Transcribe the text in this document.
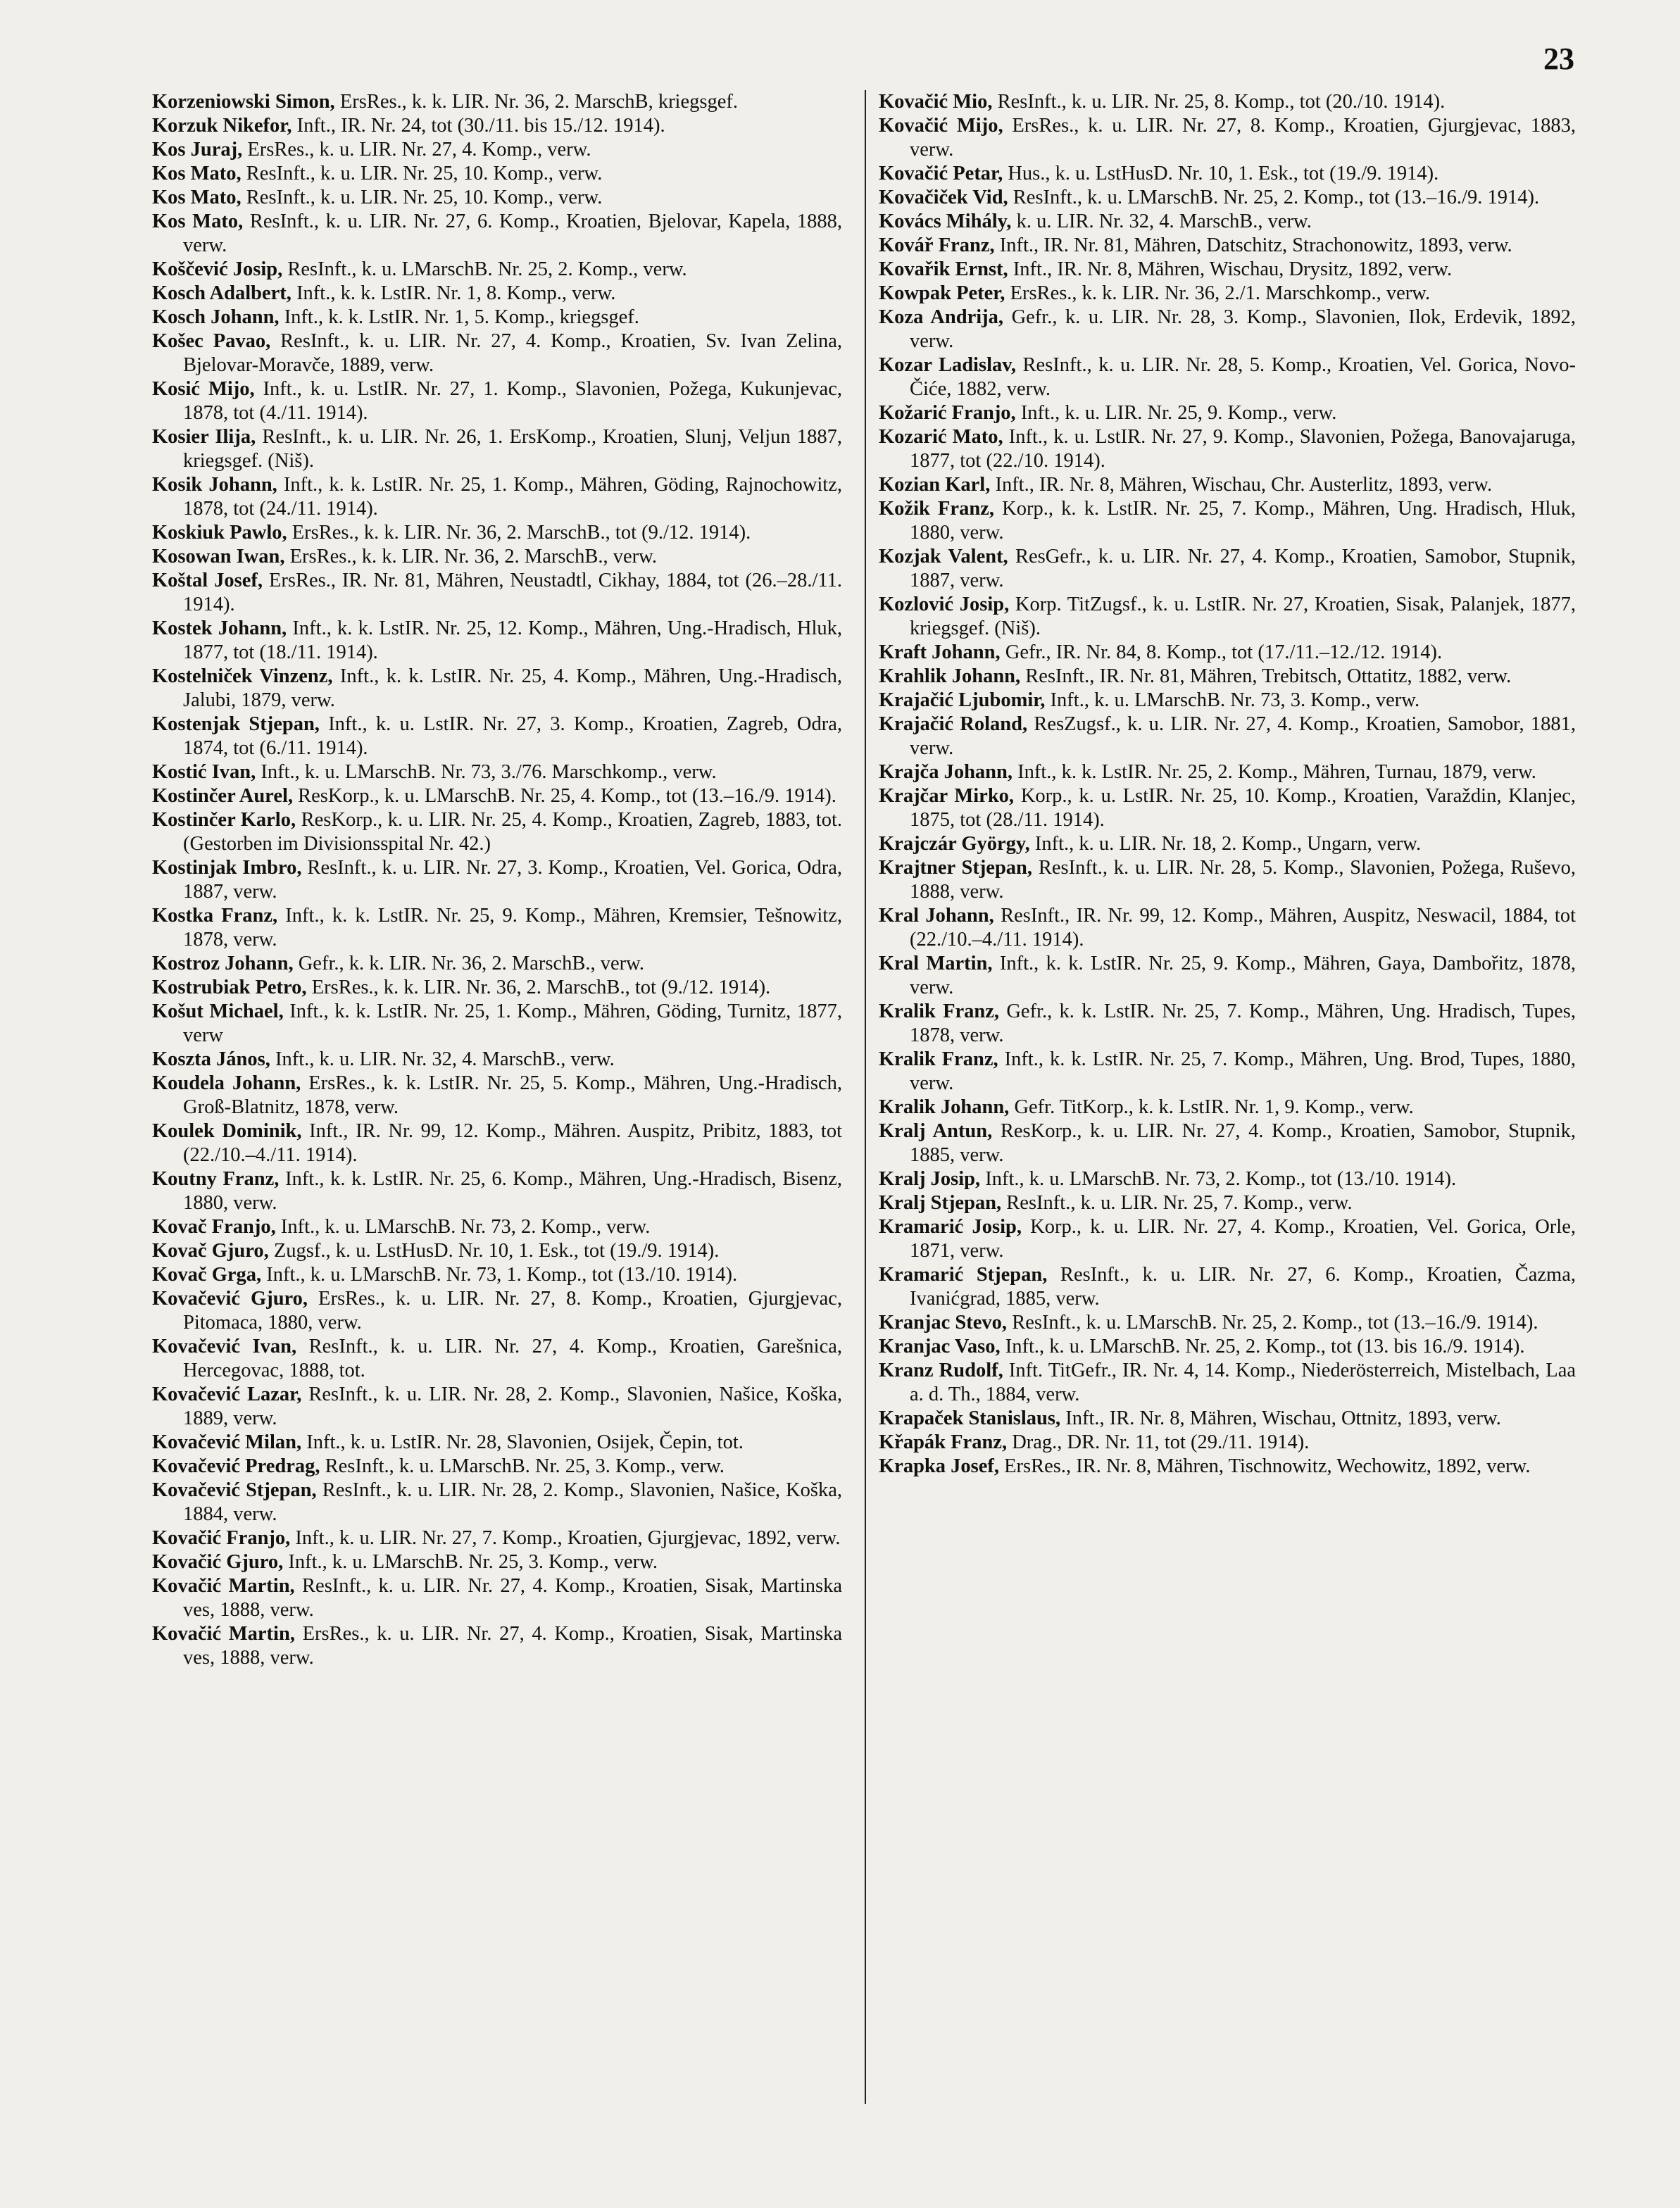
23

Korzeniowski Simon, ErsRes., k. k. LIR. Nr. 36, 2. MarschB, kriegsgef.

Korzuk Nikefor, Inft., IR. Nr. 24, tot (30./11. bis 15./12. 1914).

Kos Juraj, ErsRes., k. u. LIR. Nr. 27, 4. Komp., verw.

Kos Mato, ResInft., k. u. LIR. Nr. 25, 10. Komp., verw.

Kos Mato, ResInft., k. u. LIR. Nr. 25, 10. Komp., verw.

Kos Mato, ResInft., k. u. LIR. Nr. 27, 6. Komp., Kroatien, Bjelovar, Kapela, 1888, verw.

Koščević Josip, ResInft., k. u. LMarschB. Nr. 25, 2. Komp., verw.

Kosch Adalbert, Inft., k. k. LstIR. Nr. 1, 8. Komp., verw.

Kosch Johann, Inft., k. k. LstIR. Nr. 1, 5. Komp., kriegsgef.

Košec Pavao, ResInft., k. u. LIR. Nr. 27, 4. Komp., Kroatien, Sv. Ivan Zelina, Bjelovar-Moravče, 1889, verw.

Kosić Mijo, Inft., k. u. LstIR. Nr. 27, 1. Komp., Slavonien, Požega, Kukunjevac, 1878, tot (4./11. 1914).

Kosier Ilija, ResInft., k. u. LIR. Nr. 26, 1. ErsKomp., Kroatien, Slunj, Veljun 1887, kriegsgef. (Niš).

Kosik Johann, Inft., k. k. LstIR. Nr. 25, 1. Komp., Mähren, Göding, Rajnochowitz, 1878, tot (24./11. 1914).

Koskiuk Pawlo, ErsRes., k. k. LIR. Nr. 36, 2. MarschB., tot (9./12. 1914).

Kosowan Iwan, ErsRes., k. k. LIR. Nr. 36, 2. MarschB., verw.

Koštal Josef, ErsRes., IR. Nr. 81, Mähren, Neustadtl, Cikhay, 1884, tot (26.–28./11. 1914).

Kostek Johann, Inft., k. k. LstIR. Nr. 25, 12. Komp., Mähren, Ung.-Hradisch, Hluk, 1877, tot (18./11. 1914).

Kostelniček Vinzenz, Inft., k. k. LstIR. Nr. 25, 4. Komp., Mähren, Ung.-Hradisch, Jalubi, 1879, verw.

Kostenjak Stjepan, Inft., k. u. LstIR. Nr. 27, 3. Komp., Kroatien, Zagreb, Odra, 1874, tot (6./11. 1914).

Kostić Ivan, Inft., k. u. LMarschB. Nr. 73, 3./76. Marschkomp., verw.

Kostinčer Aurel, ResKorp., k. u. LMarschB. Nr. 25, 4. Komp., tot (13.–16./9. 1914).

Kostinčer Karlo, ResKorp., k. u. LIR. Nr. 25, 4. Komp., Kroatien, Zagreb, 1883, tot. (Gestorben im Divisionsspital Nr. 42.)

Kostinjak Imbro, ResInft., k. u. LIR. Nr. 27, 3. Komp., Kroatien, Vel. Gorica, Odra, 1887, verw.

Kostka Franz, Inft., k. k. LstIR. Nr. 25, 9. Komp., Mähren, Kremsier, Tešnowitz, 1878, verw.

Kostroz Johann, Gefr., k. k. LIR. Nr. 36, 2. MarschB., verw.

Kostrubiak Petro, ErsRes., k. k. LIR. Nr. 36, 2. MarschB., tot (9./12. 1914).

Košut Michael, Inft., k. k. LstIR. Nr. 25, 1. Komp., Mähren, Göding, Turnitz, 1877, verw

Koszta János, Inft., k. u. LIR. Nr. 32, 4. MarschB., verw.

Koudela Johann, ErsRes., k. k. LstIR. Nr. 25, 5. Komp., Mähren, Ung.-Hradisch, Groß-Blatnitz, 1878, verw.

Koulek Dominik, Inft., IR. Nr. 99, 12. Komp., Mähren. Auspitz, Pribitz, 1883, tot (22./10.–4./11. 1914).

Koutny Franz, Inft., k. k. LstIR. Nr. 25, 6. Komp., Mähren, Ung.-Hradisch, Bisenz, 1880, verw.

Kovač Franjo, Inft., k. u. LMarschB. Nr. 73, 2. Komp., verw.

Kovač Gjuro, Zugsf., k. u. LstHusD. Nr. 10, 1. Esk., tot (19./9. 1914).

Kovač Grga, Inft., k. u. LMarschB. Nr. 73, 1. Komp., tot (13./10. 1914).

Kovačević Gjuro, ErsRes., k. u. LIR. Nr. 27, 8. Komp., Kroatien, Gjurgjevac, Pitomaca, 1880, verw.

Kovačević Ivan, ResInft., k. u. LIR. Nr. 27, 4. Komp., Kroatien, Garešnica, Hercegovac, 1888, tot.

Kovačević Lazar, ResInft., k. u. LIR. Nr. 28, 2. Komp., Slavonien, Našice, Koška, 1889, verw.

Kovačević Milan, Inft., k. u. LstIR. Nr. 28, Slavonien, Osijek, Čepin, tot.

Kovačević Predrag, ResInft., k. u. LMarschB. Nr. 25, 3. Komp., verw.

Kovačević Stjepan, ResInft., k. u. LIR. Nr. 28, 2. Komp., Slavonien, Našice, Koška, 1884, verw.

Kovačić Franjo, Inft., k. u. LIR. Nr. 27, 7. Komp., Kroatien, Gjurgjevac, 1892, verw.

Kovačić Gjuro, Inft., k. u. LMarschB. Nr. 25, 3. Komp., verw.

Kovačić Martin, ResInft., k. u. LIR. Nr. 27, 4. Komp., Kroatien, Sisak, Martinska ves, 1888, verw.

Kovačić Martin, ErsRes., k. u. LIR. Nr. 27, 4. Komp., Kroatien, Sisak, Martinska ves, 1888, verw.

Kovačić Mio, ResInft., k. u. LIR. Nr. 25, 8. Komp., tot (20./10. 1914).

Kovačić Mijo, ErsRes., k. u. LIR. Nr. 27, 8. Komp., Kroatien, Gjurgjevac, 1883, verw.

Kovačić Petar, Hus., k. u. LstHusD. Nr. 10, 1. Esk., tot (19./9. 1914).

Kovačiček Vid, ResInft., k. u. LMarschB. Nr. 25, 2. Komp., tot (13.–16./9. 1914).

Kovács Mihály, k. u. LIR. Nr. 32, 4. MarschB., verw.

Kovář Franz, Inft., IR. Nr. 81, Mähren, Datschitz, Strachonowitz, 1893, verw.

Kovařik Ernst, Inft., IR. Nr. 8, Mähren, Wischau, Drysitz, 1892, verw.

Kowpak Peter, ErsRes., k. k. LIR. Nr. 36, 2./1. Marschkomp., verw.

Koza Andrija, Gefr., k. u. LIR. Nr. 28, 3. Komp., Slavonien, Ilok, Erdevik, 1892, verw.

Kozar Ladislav, ResInft., k. u. LIR. Nr. 28, 5. Komp., Kroatien, Vel. Gorica, Novo-Čiće, 1882, verw.

Kožarić Franjo, Inft., k. u. LIR. Nr. 25, 9. Komp., verw.

Kozarić Mato, Inft., k. u. LstIR. Nr. 27, 9. Komp., Slavonien, Požega, Banovajaruga, 1877, tot (22./10. 1914).

Kozian Karl, Inft., IR. Nr. 8, Mähren, Wischau, Chr. Austerlitz, 1893, verw.

Kožik Franz, Korp., k. k. LstIR. Nr. 25, 7. Komp., Mähren, Ung. Hradisch, Hluk, 1880, verw.

Kozjak Valent, ResGefr., k. u. LIR. Nr. 27, 4. Komp., Kroatien, Samobor, Stupnik, 1887, verw.

Kozlović Josip, Korp. TitZugsf., k. u. LstIR. Nr. 27, Kroatien, Sisak, Palanjek, 1877, kriegsgef. (Niš).

Kraft Johann, Gefr., IR. Nr. 84, 8. Komp., tot (17./11.–12./12. 1914).

Krahlik Johann, ResInft., IR. Nr. 81, Mähren, Trebitsch, Ottatitz, 1882, verw.

Krajačić Ljubomir, Inft., k. u. LMarschB. Nr. 73, 3. Komp., verw.

Krajačić Roland, ResZugsf., k. u. LIR. Nr. 27, 4. Komp., Kroatien, Samobor, 1881, verw.

Krajča Johann, Inft., k. k. LstIR. Nr. 25, 2. Komp., Mähren, Turnau, 1879, verw.

Krajčar Mirko, Korp., k. u. LstIR. Nr. 25, 10. Komp., Kroatien, Varaždin, Klanjec, 1875, tot (28./11. 1914).

Krajczár György, Inft., k. u. LIR. Nr. 18, 2. Komp., Ungarn, verw.

Krajtner Stjepan, ResInft., k. u. LIR. Nr. 28, 5. Komp., Slavonien, Požega, Ruševo, 1888, verw.

Kral Johann, ResInft., IR. Nr. 99, 12. Komp., Mähren, Auspitz, Neswacil, 1884, tot (22./10.–4./11. 1914).

Kral Martin, Inft., k. k. LstIR. Nr. 25, 9. Komp., Mähren, Gaya, Dambořitz, 1878, verw.

Kralik Franz, Gefr., k. k. LstIR. Nr. 25, 7. Komp., Mähren, Ung. Hradisch, Tupes, 1878, verw.

Kralik Franz, Inft., k. k. LstIR. Nr. 25, 7. Komp., Mähren, Ung. Brod, Tupes, 1880, verw.

Kralik Johann, Gefr. TitKorp., k. k. LstIR. Nr. 1, 9. Komp., verw.

Kralj Antun, ResKorp., k. u. LIR. Nr. 27, 4. Komp., Kroatien, Samobor, Stupnik, 1885, verw.

Kralj Josip, Inft., k. u. LMarschB. Nr. 73, 2. Komp., tot (13./10. 1914).

Kralj Stjepan, ResInft., k. u. LIR. Nr. 25, 7. Komp., verw.

Kramarić Josip, Korp., k. u. LIR. Nr. 27, 4. Komp., Kroatien, Vel. Gorica, Orle, 1871, verw.

Kramarić Stjepan, ResInft., k. u. LIR. Nr. 27, 6. Komp., Kroatien, Čazma, Ivanićgrad, 1885, verw.

Kranjac Stevo, ResInft., k. u. LMarschB. Nr. 25, 2. Komp., tot (13.–16./9. 1914).

Kranjac Vaso, Inft., k. u. LMarschB. Nr. 25, 2. Komp., tot (13. bis 16./9. 1914).

Kranz Rudolf, Inft. TitGefr., IR. Nr. 4, 14. Komp., Niederösterreich, Mistelbach, Laa a. d. Th., 1884, verw.

Krapaček Stanislaus, Inft., IR. Nr. 8, Mähren, Wischau, Ottnitz, 1893, verw.

Křapák Franz, Drag., DR. Nr. 11, tot (29./11. 1914).

Krapka Josef, ErsRes., IR. Nr. 8, Mähren, Tischnowitz, Wechowitz, 1892, verw.
